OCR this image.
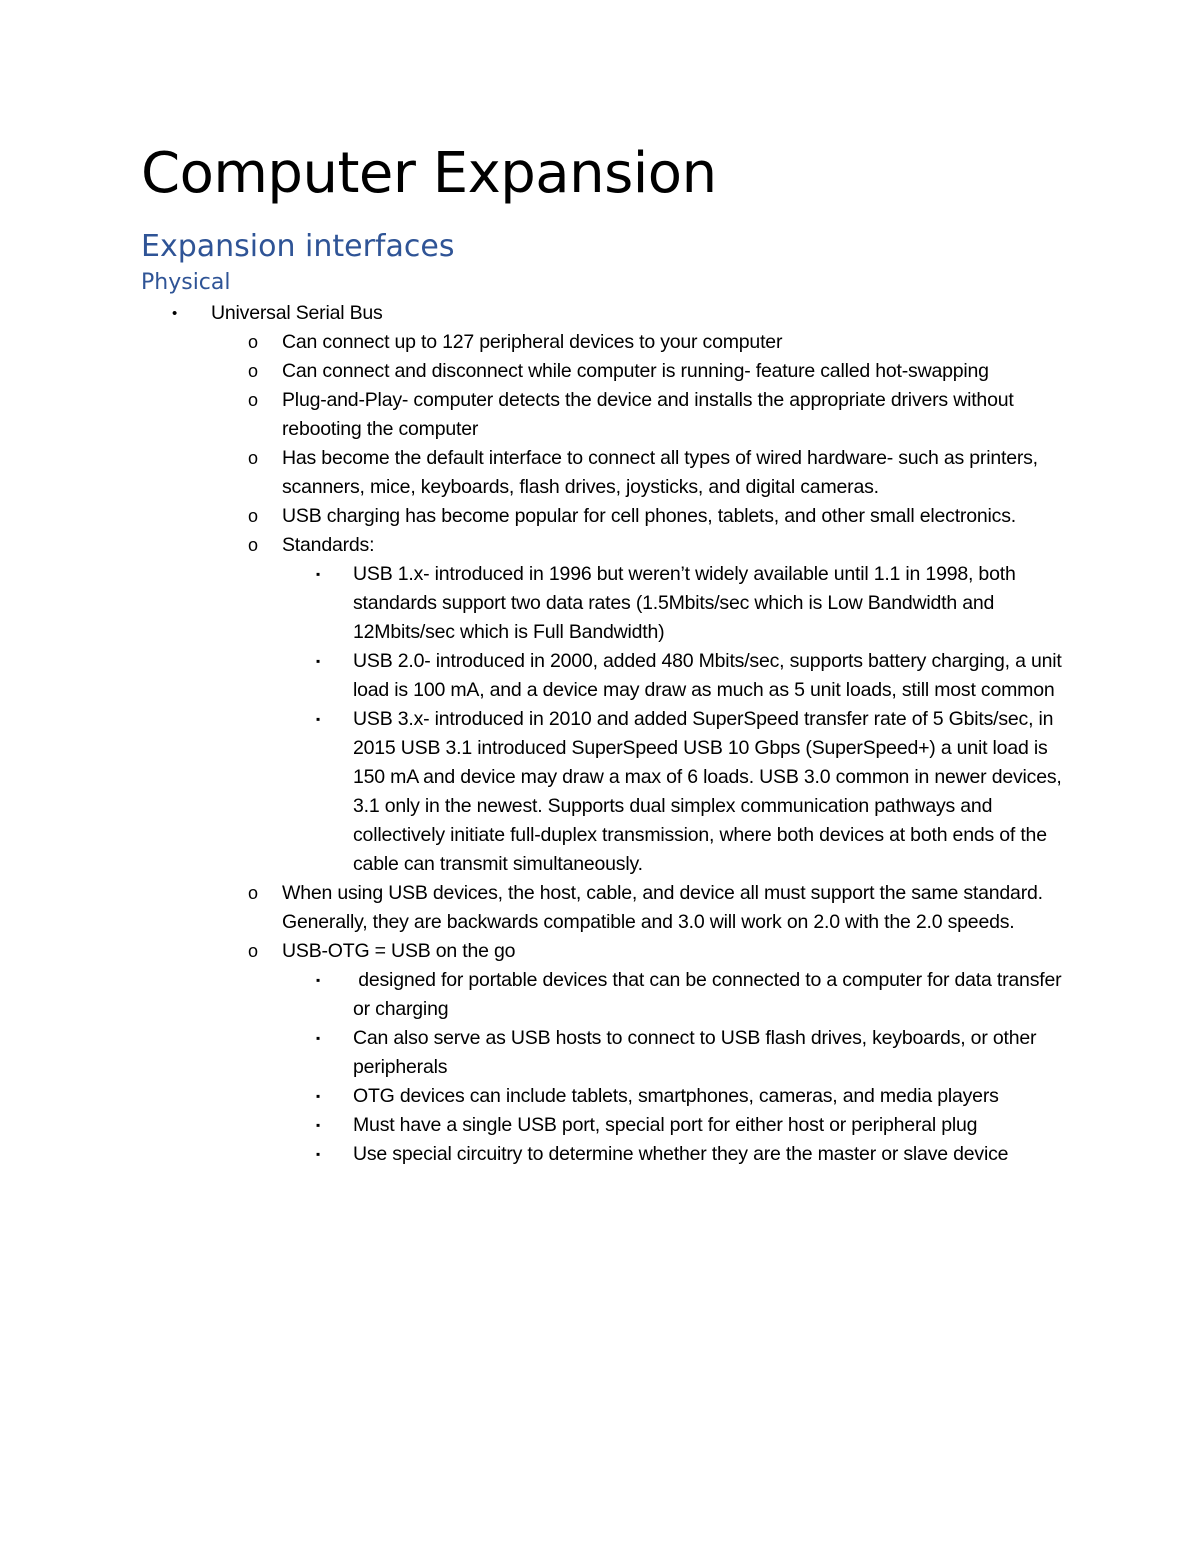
Computer Expansion
Expansion interfaces
Physical
• Universal Serial Bus
o Can connect up to 127 peripheral devices to your computer
o Can connect and disconnect while computer is running- feature called hot-swapping
o Plug-and-Play- computer detects the device and installs the appropriate drivers without rebooting the computer
o Has become the default interface to connect all types of wired hardware- such as printers, scanners, mice, keyboards, flash drives, joysticks, and digital cameras.
o USB charging has become popular for cell phones, tablets, and other small electronics.
o Standards:
▪ USB 1.x- introduced in 1996 but weren’t widely available until 1.1 in 1998, both standards support two data rates (1.5Mbits/sec which is Low Bandwidth and 12Mbits/sec which is Full Bandwidth)
▪ USB 2.0- introduced in 2000, added 480 Mbits/sec, supports battery charging, a unit load is 100 mA, and a device may draw as much as 5 unit loads, still most common
▪ USB 3.x- introduced in 2010 and added SuperSpeed transfer rate of 5 Gbits/sec, in 2015 USB 3.1 introduced SuperSpeed USB 10 Gbps (SuperSpeed+) a unit load is 150 mA and device may draw a max of 6 loads. USB 3.0 common in newer devices, 3.1 only in the newest. Supports dual simplex communication pathways and collectively initiate full-duplex transmission, where both devices at both ends of the cable can transmit simultaneously.
o When using USB devices, the host, cable, and device all must support the same standard. Generally, they are backwards compatible and 3.0 will work on 2.0 with the 2.0 speeds.
o USB-OTG = USB on the go
▪ designed for portable devices that can be connected to a computer for data transfer or charging
▪ Can also serve as USB hosts to connect to USB flash drives, keyboards, or other peripherals
▪ OTG devices can include tablets, smartphones, cameras, and media players
▪ Must have a single USB port, special port for either host or peripheral plug
▪ Use special circuitry to determine whether they are the master or slave device
